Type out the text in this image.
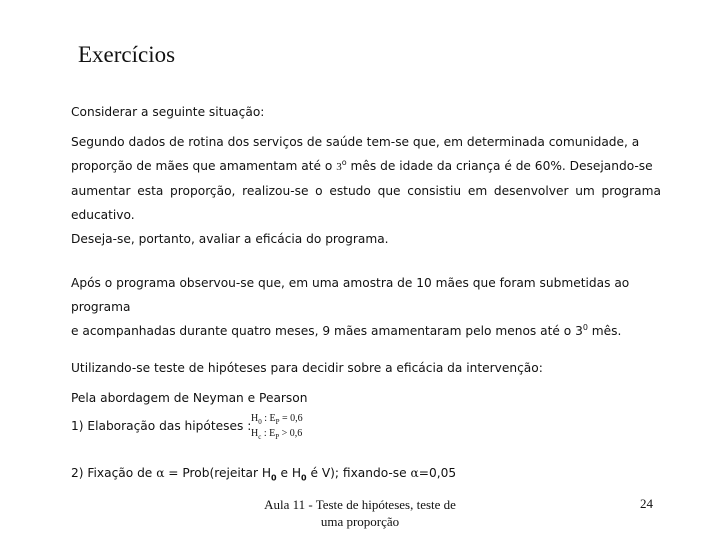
Exercícios

Considerar a seguinte situação:

Segundo dados de rotina dos serviços de saúde tem-se que, em determinada comunidade, a
proporção de mães que amamentam até o 3$^o$ mês de idade da criança é de 60%. Desejando-se
aumentar esta proporção, realizou-se o estudo que consistiu em desenvolver um programa educativo.
Deseja-se, portanto, avaliar a eficácia do programa.
Após o programa observou-se que, em uma amostra de 10 mães que foram submetidas ao programa
e acompanhadas durante quatro meses, 9 mães amamentaram pelo menos até o $3^0$ mês.

Utilizando-se teste de hipóteses para decidir sobre a eficácia da intervenção:

Pela abordagem de Neyman e Pearson

1) Elaboração das hipóteses :
$H_0$ : $E_P = 0,6$
$H_c$ : $E_P > 0,6$

2) Fixação de α = Prob(rejeitar $H_0$ e $H_0$ é V); fixando-se α=0,05

Aula 11 - Teste de hipóteses, teste de
uma proporção
24
